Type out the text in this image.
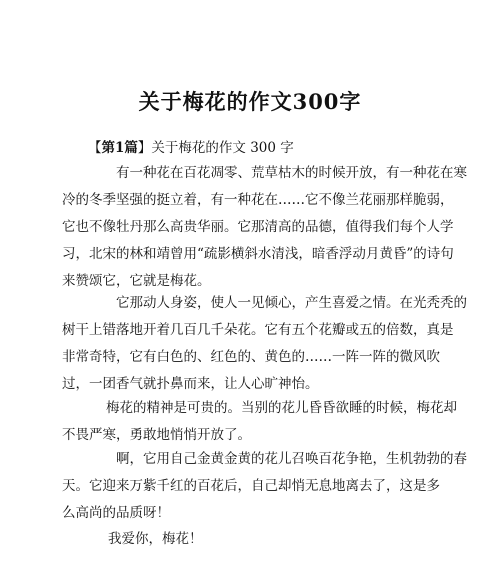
关于梅花的作文300字

【第1篇】关于梅花的作文 300 字

有一种花在百花凋零、荒草枯木的时候开放，有一种花在寒
冷的冬季坚强的挺立着，有一种花在……它不像兰花丽那样脆弱，
它也不像牡丹那么高贵华丽。它那清高的品德，值得我们每个人学
习，北宋的林和靖曾用“疏影横斜水清浅，暗香浮动月黄昏”的诗句
来赞颂它，它就是梅花。
它那动人身姿，使人一见倾心，产生喜爱之情。在光秃秃的
树干上错落地开着几百几千朵花。它有五个花瓣或五的倍数，真是
非常奇特，它有白色的、红色的、黄色的……一阵一阵的微风吹
过，一团香气就扑鼻而来，让人心旷神怡。
梅花的精神是可贵的。当别的花儿昏昏欲睡的时候，梅花却
不畏严寒，勇敢地悄悄开放了。
啊，它用自己金黄金黄的花儿召唤百花争艳，生机勃勃的春
天。它迎来万紫千红的百花后，自己却悄无息地离去了，这是多
么高尚的品质呀！
我爱你，梅花！
